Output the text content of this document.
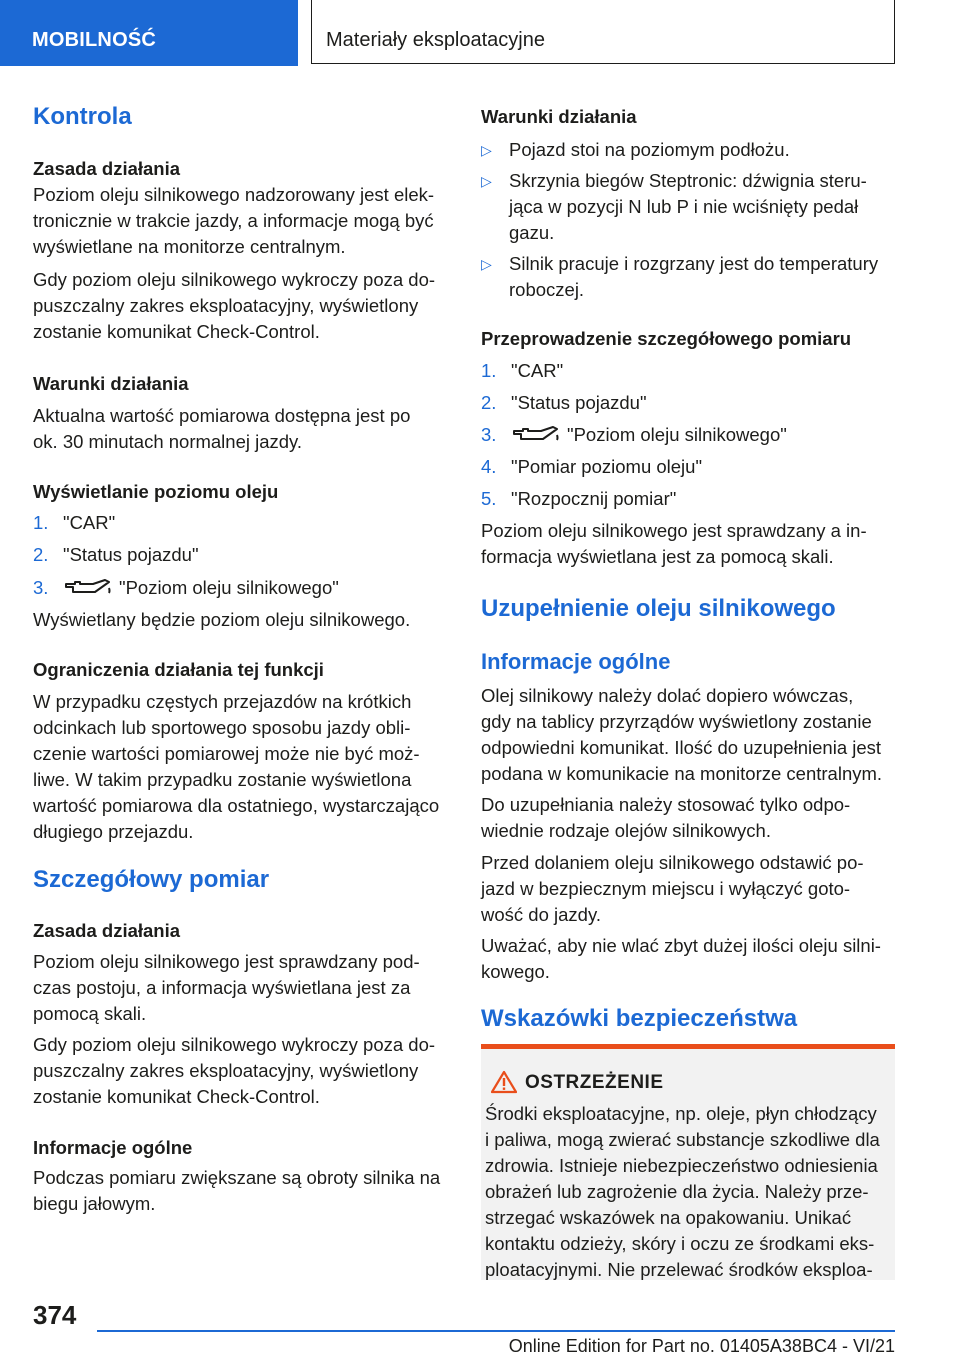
MOBILNOŚĆ	Materiały eksploatacyjne
Kontrola
Zasada działania

Poziom oleju silnikowego nadzorowany jest elek-

tronicznie w trakcie jazdy, a informacje mogą być

wyświetlane na monitorze centralnym.

Gdy poziom oleju silnikowego wykroczy poza do-

puszczalny zakres eksploatacyjny, wyświetlony

zostanie komunikat Check-Control.

Warunki działania

Aktualna wartość pomiarowa dostępna jest po

ok. 30 minutach normalnej jazdy.

Wyświetlanie poziomu oleju
1. "CAR"
2. "Status pojazdu"
3.	"Poziom oleju silnikowego"
Wyświetlany będzie poziom oleju silnikowego.
Ograniczenia działania tej funkcji

W przypadku częstych przejazdów na krótkich

odcinkach lub sportowego sposobu jazdy obli-

czenie wartości pomiarowej może nie być moż-

liwe. W takim przypadku zostanie wyświetlona

wartość pomiarowa dla ostatniego, wystarczająco

długiego przejazdu.

Szczegółowy pomiar
Zasada działania

Poziom oleju silnikowego jest sprawdzany pod-

czas postoju, a informacja wyświetlana jest za

pomocą skali.

Gdy poziom oleju silnikowego wykroczy poza do-

puszczalny zakres eksploatacyjny, wyświetlony

zostanie komunikat Check-Control.

Informacje ogólne

Podczas pomiaru zwiększane są obroty silnika na

biegu jałowym.

Warunki działania
▷ Pojazd stoi na poziomym podłożu.

▷ Skrzynia biegów Steptronic: dźwignia steru-

jąca w pozycji N lub P i nie wciśnięty pedał

gazu.

▷ Silnik pracuje i rozgrzany jest do temperatury

roboczej.

Przeprowadzenie szczegółowego pomiaru
1. "CAR"
2. "Status pojazdu"
3.	"Poziom oleju silnikowego"
4. "Pomiar poziomu oleju"
5. "Rozpocznij pomiar"

Poziom oleju silnikowego jest sprawdzany a in-

formacja wyświetlana jest za pomocą skali.

Uzupełnienie oleju silnikowego
Informacje ogólne

Olej silnikowy należy dolać dopiero wówczas,

gdy na tablicy przyrządów wyświetlony zostanie

odpowiedni komunikat. Ilość do uzupełnienia jest

podana w komunikacie na monitorze centralnym.

Do uzupełniania należy stosować tylko odpo-

wiednie rodzaje olejów silnikowych.

Przed dolaniem oleju silnikowego odstawić po-

jazd w bezpiecznym miejscu i wyłączyć goto-

wość do jazdy.

Uważać, aby nie wlać zbyt dużej ilości oleju silni-

kowego.

Wskazówki bezpieczeństwa
OSTRZEŻENIE

Środki eksploatacyjne, np. oleje, płyn chłodzący

i paliwa, mogą zwierać substancje szkodliwe dla

zdrowia. Istnieje niebezpieczeństwo odniesienia

obrażeń lub zagrożenie dla życia. Należy prze-

strzegać wskazówek na opakowaniu. Unikać

kontaktu odzieży, skóry i oczu ze środkami eks-

ploatacyjnymi. Nie przelewać środków eksploa-

374
Online Edition for Part no. 01405A38BC4 - VI/21
